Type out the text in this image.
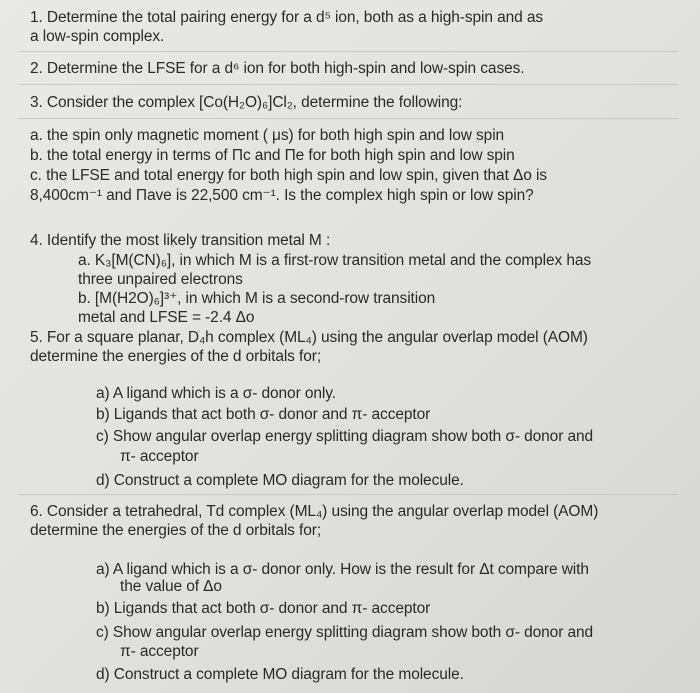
1. Determine the total pairing energy for a d⁵ ion, both as a high-spin and as
a low-spin complex.
2. Determine the LFSE for a d⁶ ion for both high-spin and low-spin cases.
3. Consider the complex [Co(H₂O)₆]Cl₂, determine the following:
a. the spin only magnetic moment ( μs) for both high spin and low spin
b. the total energy in terms of Πc and Πe for both high spin and low spin
c. the LFSE and total energy for both high spin and low spin, given that Δo is
8,400cm⁻¹ and Πave is 22,500 cm⁻¹. Is the complex high spin or low spin?
4. Identify the most likely transition metal M :
a. K₃[M(CN)₆], in which M is a first-row transition metal and the complex has
three unpaired electrons
b. [M(H2O)₆]³⁺, in which M is a second-row transition
metal and LFSE = -2.4 Δo
5. For a square planar, D₄h complex (ML₄) using the angular overlap model (AOM)
determine the energies of the d orbitals for;
a) A ligand which is a σ- donor only.
b) Ligands that act both σ- donor and π- acceptor
c) Show angular overlap energy splitting diagram show both σ- donor and
π- acceptor
d) Construct a complete MO diagram for the molecule.
6. Consider a tetrahedral, Td complex (ML₄) using the angular overlap model (AOM)
determine the energies of the d orbitals for;
a) A ligand which is a σ- donor only. How is the result for Δt compare with
the value of Δo
b) Ligands that act both σ- donor and π- acceptor
c) Show angular overlap energy splitting diagram show both σ- donor and
π- acceptor
d) Construct a complete MO diagram for the molecule.
